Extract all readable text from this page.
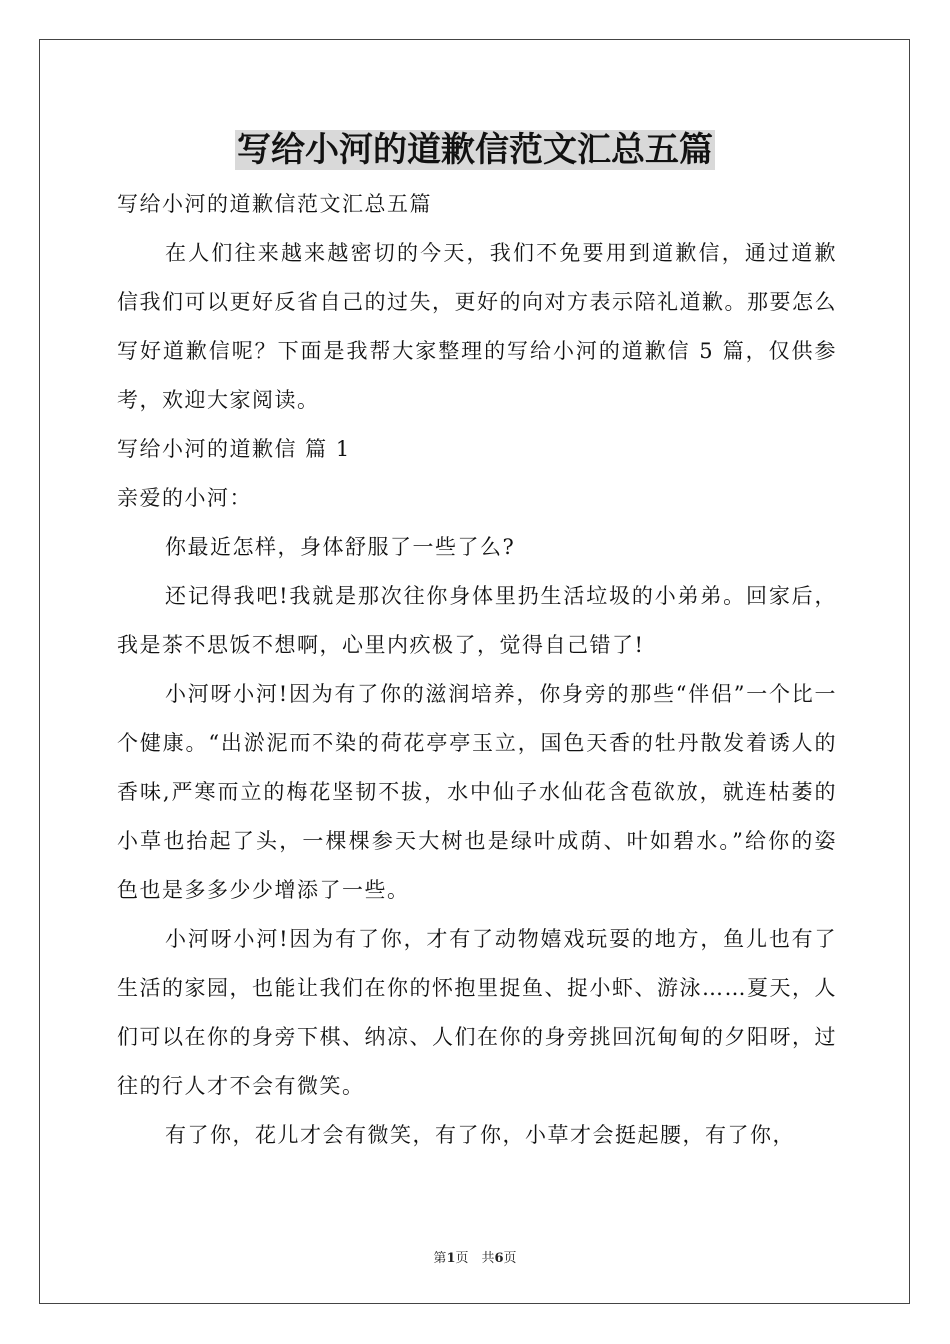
写给小河的道歉信范文汇总五篇

写给小河的道歉信范文汇总五篇

在人们往来越来越密切的今天，我们不免要用到道歉信，通过道歉信我们可以更好反省自己的过失，更好的向对方表示陪礼道歉。那要怎么写好道歉信呢？下面是我帮大家整理的写给小河的道歉信 5 篇，仅供参考，欢迎大家阅读。

写给小河的道歉信 篇 1

亲爱的小河：

你最近怎样，身体舒服了一些了么?

还记得我吧!我就是那次往你身体里扔生活垃圾的小弟弟。回家后，我是茶不思饭不想啊，心里内疚极了，觉得自己错了!

小河呀小河!因为有了你的滋润培养，你身旁的那些“伴侣”一个比一个健康。“出淤泥而不染的荷花亭亭玉立，国色天香的牡丹散发着诱人的香味,严寒而立的梅花坚韧不拔，水中仙子水仙花含苞欲放，就连枯萎的小草也抬起了头，一棵棵参天大树也是绿叶成荫、叶如碧水。”给你的姿色也是多多少少增添了一些。

小河呀小河!因为有了你，才有了动物嬉戏玩耍的地方，鱼儿也有了生活的家园，也能让我们在你的怀抱里捉鱼、捉小虾、游泳……夏天，人们可以在你的身旁下棋、纳凉、人们在你的身旁挑回沉甸甸的夕阳呀，过往的行人才不会有微笑。

有了你，花儿才会有微笑，有了你，小草才会挺起腰，有了你，

第1页　共6页
